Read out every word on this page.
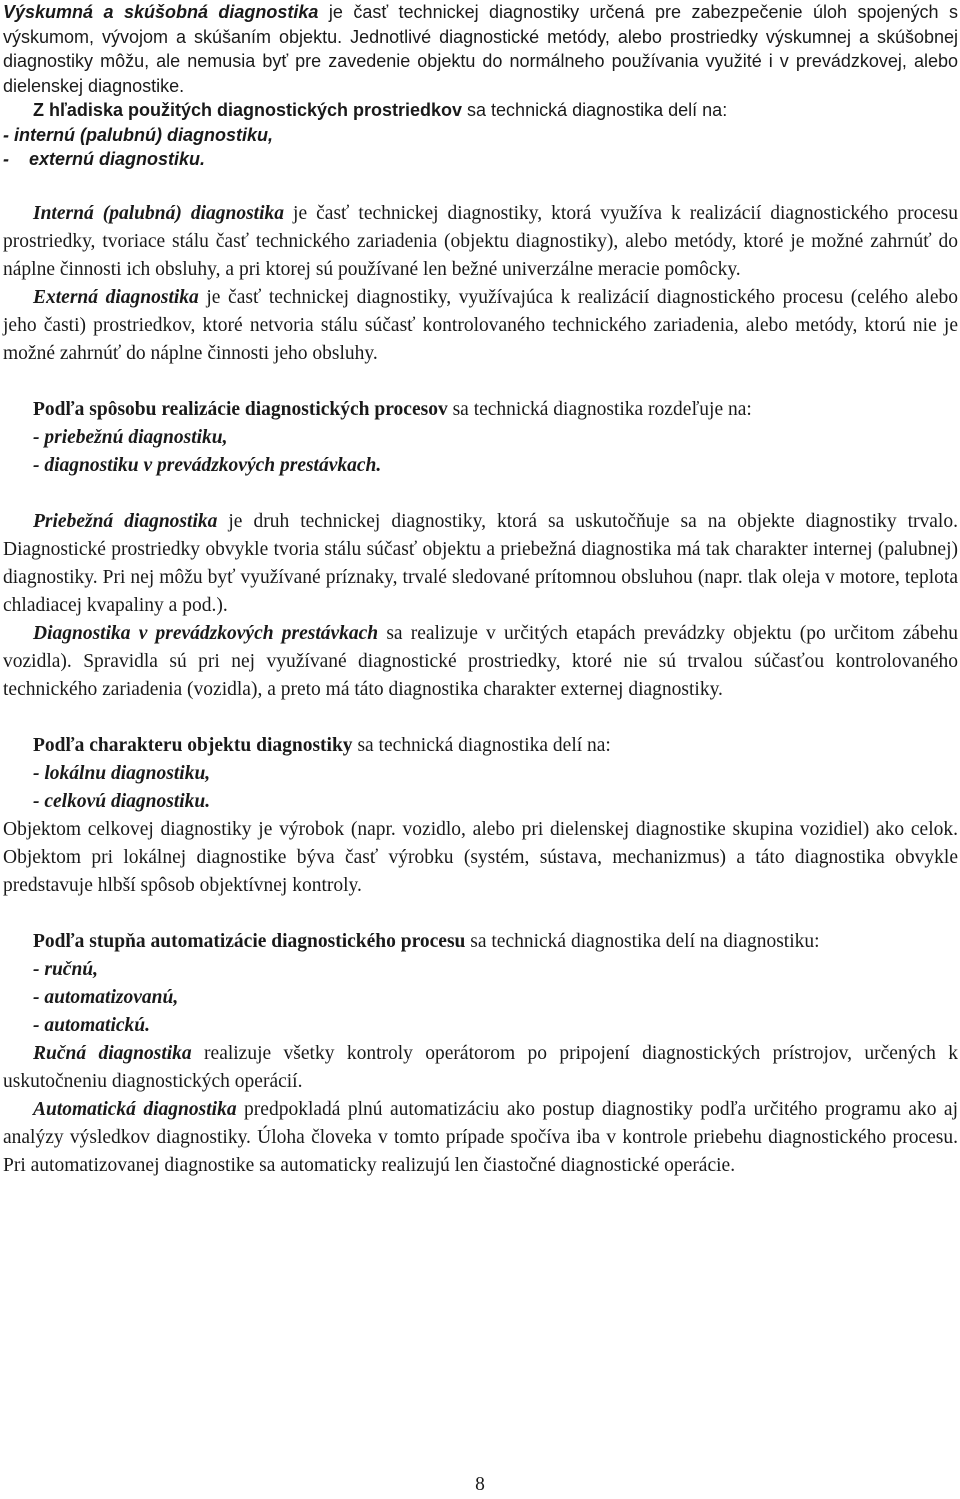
Výskumná a skúšobná diagnostika je časť technickej diagnostiky určená pre zabezpečenie úloh spojených s výskumom, vývojom a skúšaním objektu. Jednotlivé diagnostické metódy, alebo prostriedky výskumnej a skúšobnej diagnostiky môžu, ale nemusia byť pre zavedenie objektu do normálneho používania využité i v prevádzkovej, alebo dielenskej diagnostike.

Z hľadiska použitých diagnostických prostriedkov sa technická diagnostika delí na:

- internú (palubnú) diagnostiku,

-    externú diagnostiku.

Interná (palubná) diagnostika je časť technickej diagnostiky, ktorá využíva k realizácií diagnostického procesu prostriedky, tvoriace stálu časť technického zariadenia (objektu diagnostiky), alebo metódy, ktoré je možné zahrnúť do náplne činnosti ich obsluhy, a pri ktorej sú používané len bežné univerzálne meracie pomôcky.

Externá diagnostika je časť technickej diagnostiky, využívajúca k realizácií diagnostického procesu (celého alebo jeho časti) prostriedkov, ktoré netvoria stálu súčasť kontrolovaného technického zariadenia, alebo metódy, ktorú nie je možné zahrnúť do náplne činnosti jeho obsluhy.

Podľa spôsobu realizácie diagnostických procesov sa technická diagnostika rozdeľuje na:

- priebežnú diagnostiku,

- diagnostiku v prevádzkových prestávkach.

Priebežná diagnostika je druh technickej diagnostiky, ktorá sa uskutočňuje sa na objekte diagnostiky trvalo. Diagnostické prostriedky obvykle tvoria stálu súčasť objektu a priebežná diagnostika má tak charakter internej (palubnej) diagnostiky. Pri nej môžu byť využívané príznaky, trvalé sledované prítomnou obsluhou (napr. tlak oleja v motore, teplota chladiacej kvapaliny a pod.).

Diagnostika v prevádzkových prestávkach sa realizuje v určitých etapách prevádzky objektu (po určitom zábehu vozidla). Spravidla sú pri nej využívané diagnostické prostriedky, ktoré nie sú trvalou súčasťou kontrolovaného technického zariadenia (vozidla), a preto má táto diagnostika charakter externej diagnostiky.

Podľa charakteru objektu diagnostiky sa technická diagnostika delí na:

- lokálnu diagnostiku,

- celkovú diagnostiku.

Objektom celkovej diagnostiky je výrobok (napr. vozidlo, alebo pri dielenskej diagnostike skupina vozidiel) ako celok. Objektom pri lokálnej diagnostike býva časť výrobku (systém, sústava, mechanizmus) a táto diagnostika obvykle predstavuje hlbší spôsob objektívnej kontroly.

Podľa stupňa automatizácie diagnostického procesu sa technická diagnostika delí na diagnostiku:

- ručnú,

- automatizovanú,

- automatickú.

Ručná diagnostika realizuje všetky kontroly operátorom po pripojení diagnostických prístrojov, určených k uskutočneniu diagnostických operácií.

Automatická diagnostika predpokladá plnú automatizáciu ako postup diagnostiky podľa určitého programu ako aj analýzy výsledkov diagnostiky. Úloha človeka v tomto prípade spočíva iba v kontrole priebehu diagnostického procesu. Pri automatizovanej diagnostike sa automaticky realizujú len čiastočné diagnostické operácie.

8
